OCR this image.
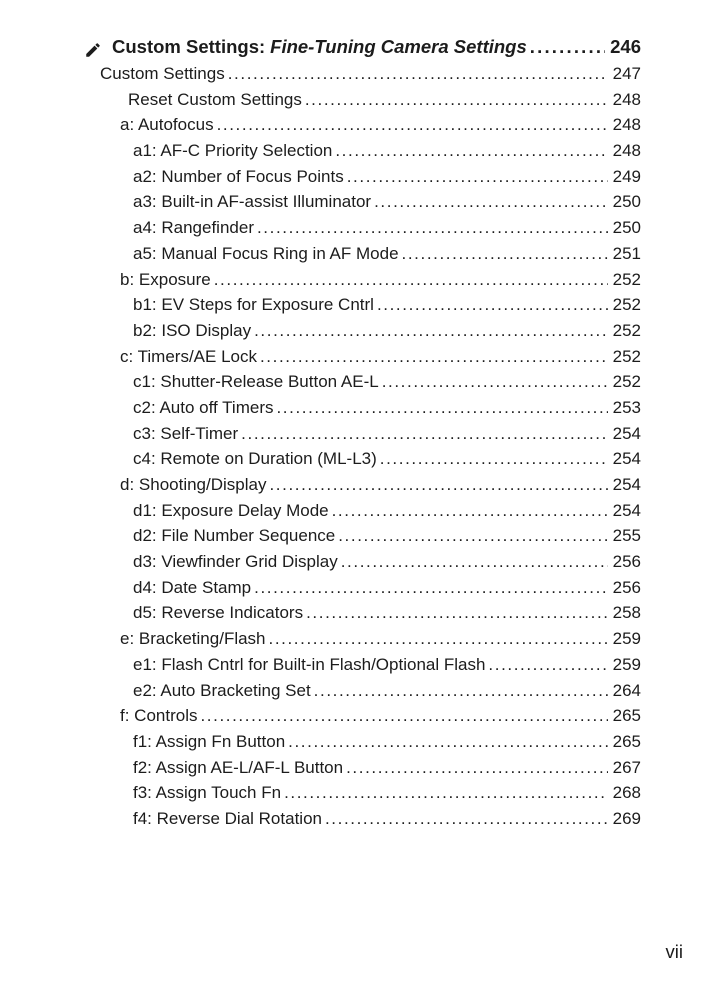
Custom Settings: Fine-Tuning Camera Settings .....	246
Custom Settings .....	247
Reset Custom Settings .....	248
a: Autofocus .....	248
a1: AF-C Priority Selection .....	248
a2: Number of Focus Points .....	249
a3: Built-in AF-assist Illuminator .....	250
a4: Rangefinder .....	250
a5: Manual Focus Ring in AF Mode .....	251
b: Exposure .....	252
b1: EV Steps for Exposure Cntrl .....	252
b2: ISO Display .....	252
c: Timers/AE Lock .....	252
c1: Shutter-Release Button AE-L .....	252
c2: Auto off Timers .....	253
c3: Self-Timer .....	254
c4: Remote on Duration (ML-L3) .....	254
d: Shooting/Display .....	254
d1: Exposure Delay Mode .....	254
d2: File Number Sequence .....	255
d3: Viewfinder Grid Display .....	256
d4: Date Stamp .....	256
d5: Reverse Indicators .....	258
e: Bracketing/Flash .....	259
e1: Flash Cntrl for Built-in Flash/Optional Flash .....	259
e2: Auto Bracketing Set .....	264
f: Controls .....	265
f1: Assign Fn Button .....	265
f2: Assign AE-L/AF-L Button .....	267
f3: Assign Touch Fn .....	268
f4: Reverse Dial Rotation .....	269
vii
